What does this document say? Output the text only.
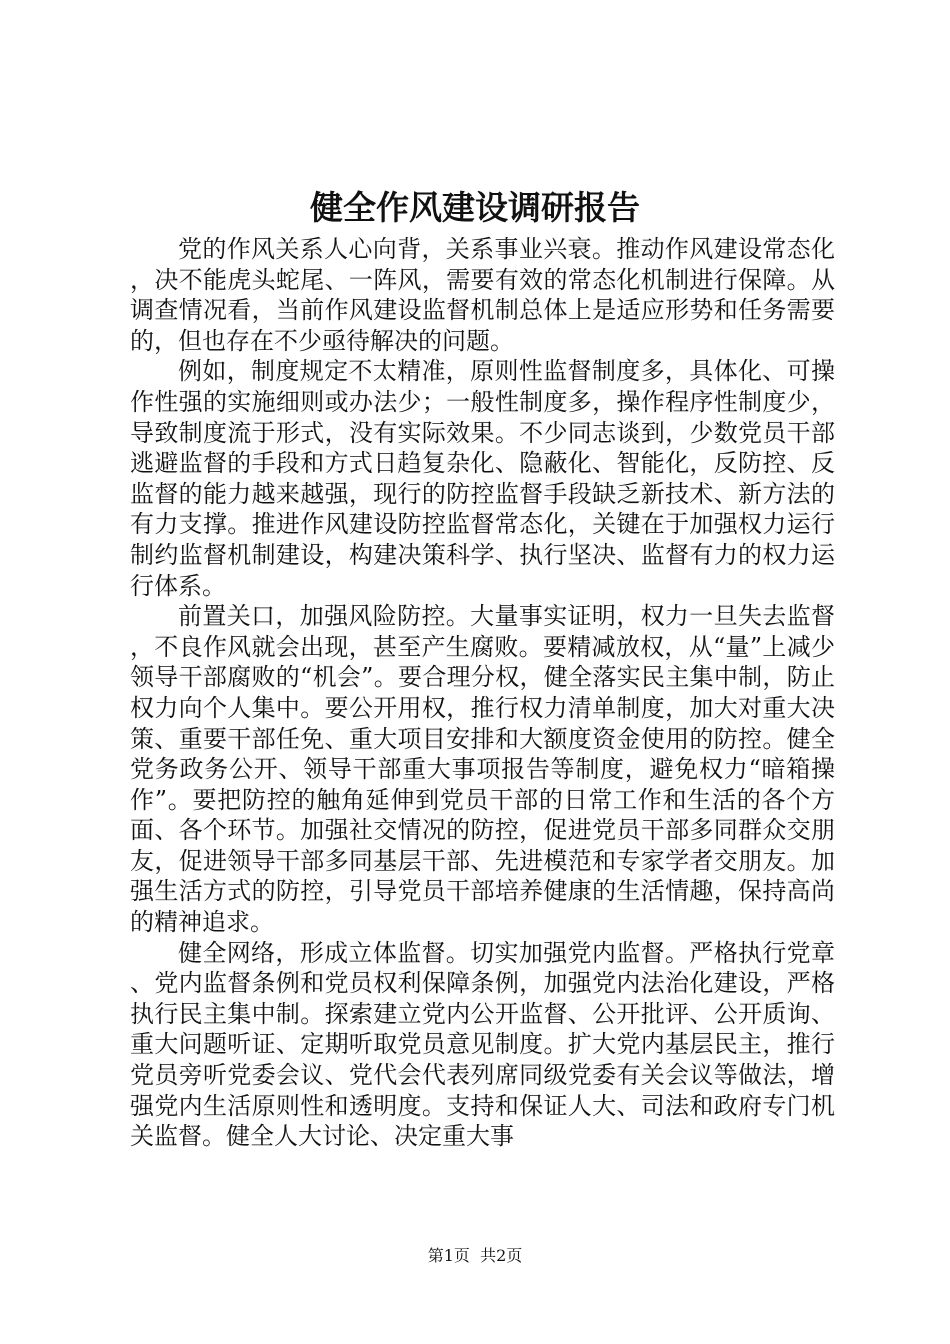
健全作风建设调研报告

党的作风关系人心向背，关系事业兴衰。推动作风建设常态化，决不能虎头蛇尾、一阵风，需要有效的常态化机制进行保障。从调查情况看，当前作风建设监督机制总体上是适应形势和任务需要的，但也存在不少亟待解决的问题。

例如，制度规定不太精准，原则性监督制度多，具体化、可操作性强的实施细则或办法少；一般性制度多，操作程序性制度少，导致制度流于形式，没有实际效果。不少同志谈到，少数党员干部逃避监督的手段和方式日趋复杂化、隐蔽化、智能化，反防控、反监督的能力越来越强，现行的防控监督手段缺乏新技术、新方法的有力支撑。推进作风建设防控监督常态化，关键在于加强权力运行制约监督机制建设，构建决策科学、执行坚决、监督有力的权力运行体系。

前置关口，加强风险防控。大量事实证明，权力一旦失去监督，不良作风就会出现，甚至产生腐败。要精减放权，从“量”上减少领导干部腐败的“机会”。要合理分权，健全落实民主集中制，防止权力向个人集中。要公开用权，推行权力清单制度，加大对重大决策、重要干部任免、重大项目安排和大额度资金使用的防控。健全党务政务公开、领导干部重大事项报告等制度，避免权力“暗箱操作”。要把防控的触角延伸到党员干部的日常工作和生活的各个方面、各个环节。加强社交情况的防控，促进党员干部多同群众交朋友，促进领导干部多同基层干部、先进模范和专家学者交朋友。加强生活方式的防控，引导党员干部培养健康的生活情趣，保持高尚的精神追求。

健全网络，形成立体监督。切实加强党内监督。严格执行党章、党内监督条例和党员权利保障条例，加强党内法治化建设，严格执行民主集中制。探索建立党内公开监督、公开批评、公开质询、重大问题听证、定期听取党员意见制度。扩大党内基层民主，推行党员旁听党委会议、党代会代表列席同级党委有关会议等做法，增强党内生活原则性和透明度。支持和保证人大、司法和政府专门机关监督。健全人大讨论、决定重大事

第1页 共2页
